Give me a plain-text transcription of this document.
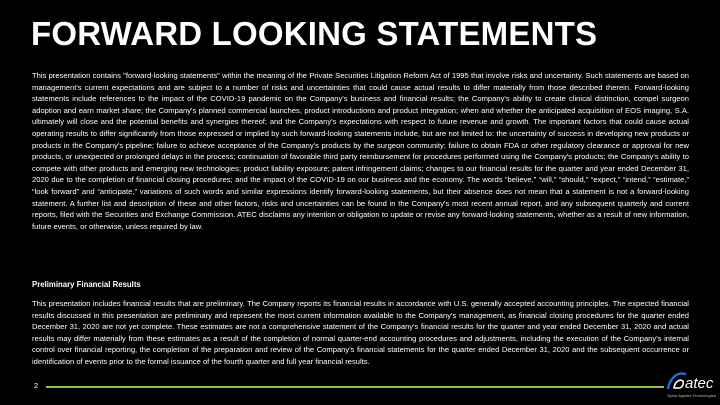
FORWARD LOOKING STATEMENTS

This presentation contains "forward-looking statements" within the meaning of the Private Securities Litigation Reform Act of 1995 that involve risks and uncertainty. Such statements are based on management's current expectations and are subject to a number of risks and uncertainties that could cause actual results to differ materially from those described therein. Forward-looking statements include references to the impact of the COVID-19 pandemic on the Company's business and financial results; the Company's ability to create clinical distinction, compel surgeon adoption and earn market share; the Company's planned commercial launches, product introductions and product integration; when and whether the anticipated acquisition of EOS imaging, S.A. ultimately will close and the potential benefits and synergies thereof; and the Company's expectations with respect to future revenue and growth. The important factors that could cause actual operating results to differ significantly from those expressed or implied by such forward-looking statements include, but are not limited to: the uncertainty of success in developing new products or products in the Company's pipeline; failure to achieve acceptance of the Company's products by the surgeon community; failure to obtain FDA or other regulatory clearance or approval for new products, or unexpected or prolonged delays in the process; continuation of favorable third party reimbursement for procedures performed using the Company's products; the Company's ability to compete with other products and emerging new technologies; product liability exposure; patent infringement claims; changes to our financial results for the quarter and year ended December 31, 2020 due to the completion of financial closing procedures; and the impact of the COVID-19 on our business and the economy. The words “believe,” “will,” “should,” “expect,” “intend,” “estimate,” “look forward” and “anticipate,” variations of such words and similar expressions identify forward-looking statements, but their absence does not mean that a statement is not a forward-looking statement. A further list and description of these and other factors, risks and uncertainties can be found in the Company's most recent annual report, and any subsequent quarterly and current reports, filed with the Securities and Exchange Commission. ATEC disclaims any intention or obligation to update or revise any forward-looking statements, whether as a result of new information, future events, or otherwise, unless required by law.

Preliminary Financial Results

This presentation includes financial results that are preliminary. The Company reports its financial results in accordance with U.S. generally accepted accounting principles. The expected financial results discussed in this presentation are preliminary and represent the most current information available to the Company's management, as financial closing procedures for the quarter ended December 31, 2020 are not yet complete. These estimates are not a comprehensive statement of the Company's financial results for the quarter and year ended December 31, 2020 and actual results may differ materially from these estimates as a result of the completion of normal quarter-end accounting procedures and adjustments, including the execution of the Company's internal control over financial reporting, the completion of the preparation and review of the Company's financial statements for the quarter ended December 31, 2020 and the subsequent occurrence or identification of events prior to the formal issuance of the fourth quarter and full year financial results.

2	atec
Spine Applied Technologies
